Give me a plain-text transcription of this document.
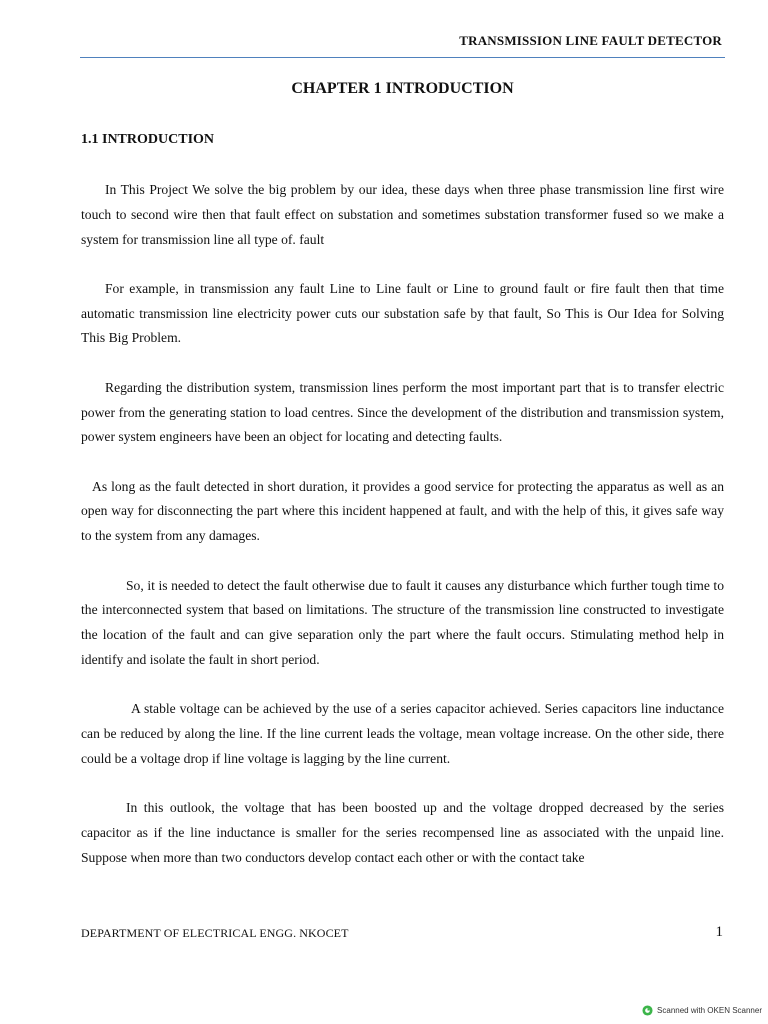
TRANSMISSION LINE FAULT DETECTOR
CHAPTER 1 INTRODUCTION
1.1 INTRODUCTION

In This Project We solve the big problem by our idea, these days when three phase transmission line first wire touch to second wire then that fault effect on substation and sometimes substation transformer fused so we make a system for transmission line all type of. fault

For example, in transmission any fault Line to Line fault or Line to ground fault or fire fault then that time automatic transmission line electricity power cuts our substation safe by that fault, So This is Our Idea for Solving This Big Problem.

Regarding the distribution system, transmission lines perform the most important part that is to transfer electric power from the generating station to load centres. Since the development of the distribution and transmission system, power system engineers have been an object for locating and detecting faults.

As long as the fault detected in short duration, it provides a good service for protecting the apparatus as well as an open way for disconnecting the part where this incident happened at fault, and with the help of this, it gives safe way to the system from any damages.

So, it is needed to detect the fault otherwise due to fault it causes any disturbance which further tough time to the interconnected system that based on limitations. The structure of the transmission line constructed to investigate the location of the fault and can give separation only the part where the fault occurs. Stimulating method help in identify and isolate the fault in short period.

A stable voltage can be achieved by the use of a series capacitor achieved. Series capacitors line inductance can be reduced by along the line. If the line current leads the voltage, mean voltage increase. On the other side, there could be a voltage drop if line voltage is lagging by the line current.

In this outlook, the voltage that has been boosted up and the voltage dropped decreased by the series capacitor as if the line inductance is smaller for the series recompensed line as associated with the unpaid line. Suppose when more than two conductors develop contact each other or with the contact take

DEPARTMENT OF ELECTRICAL ENGG. NKOCET	1
Scanned with OKEN Scanner
